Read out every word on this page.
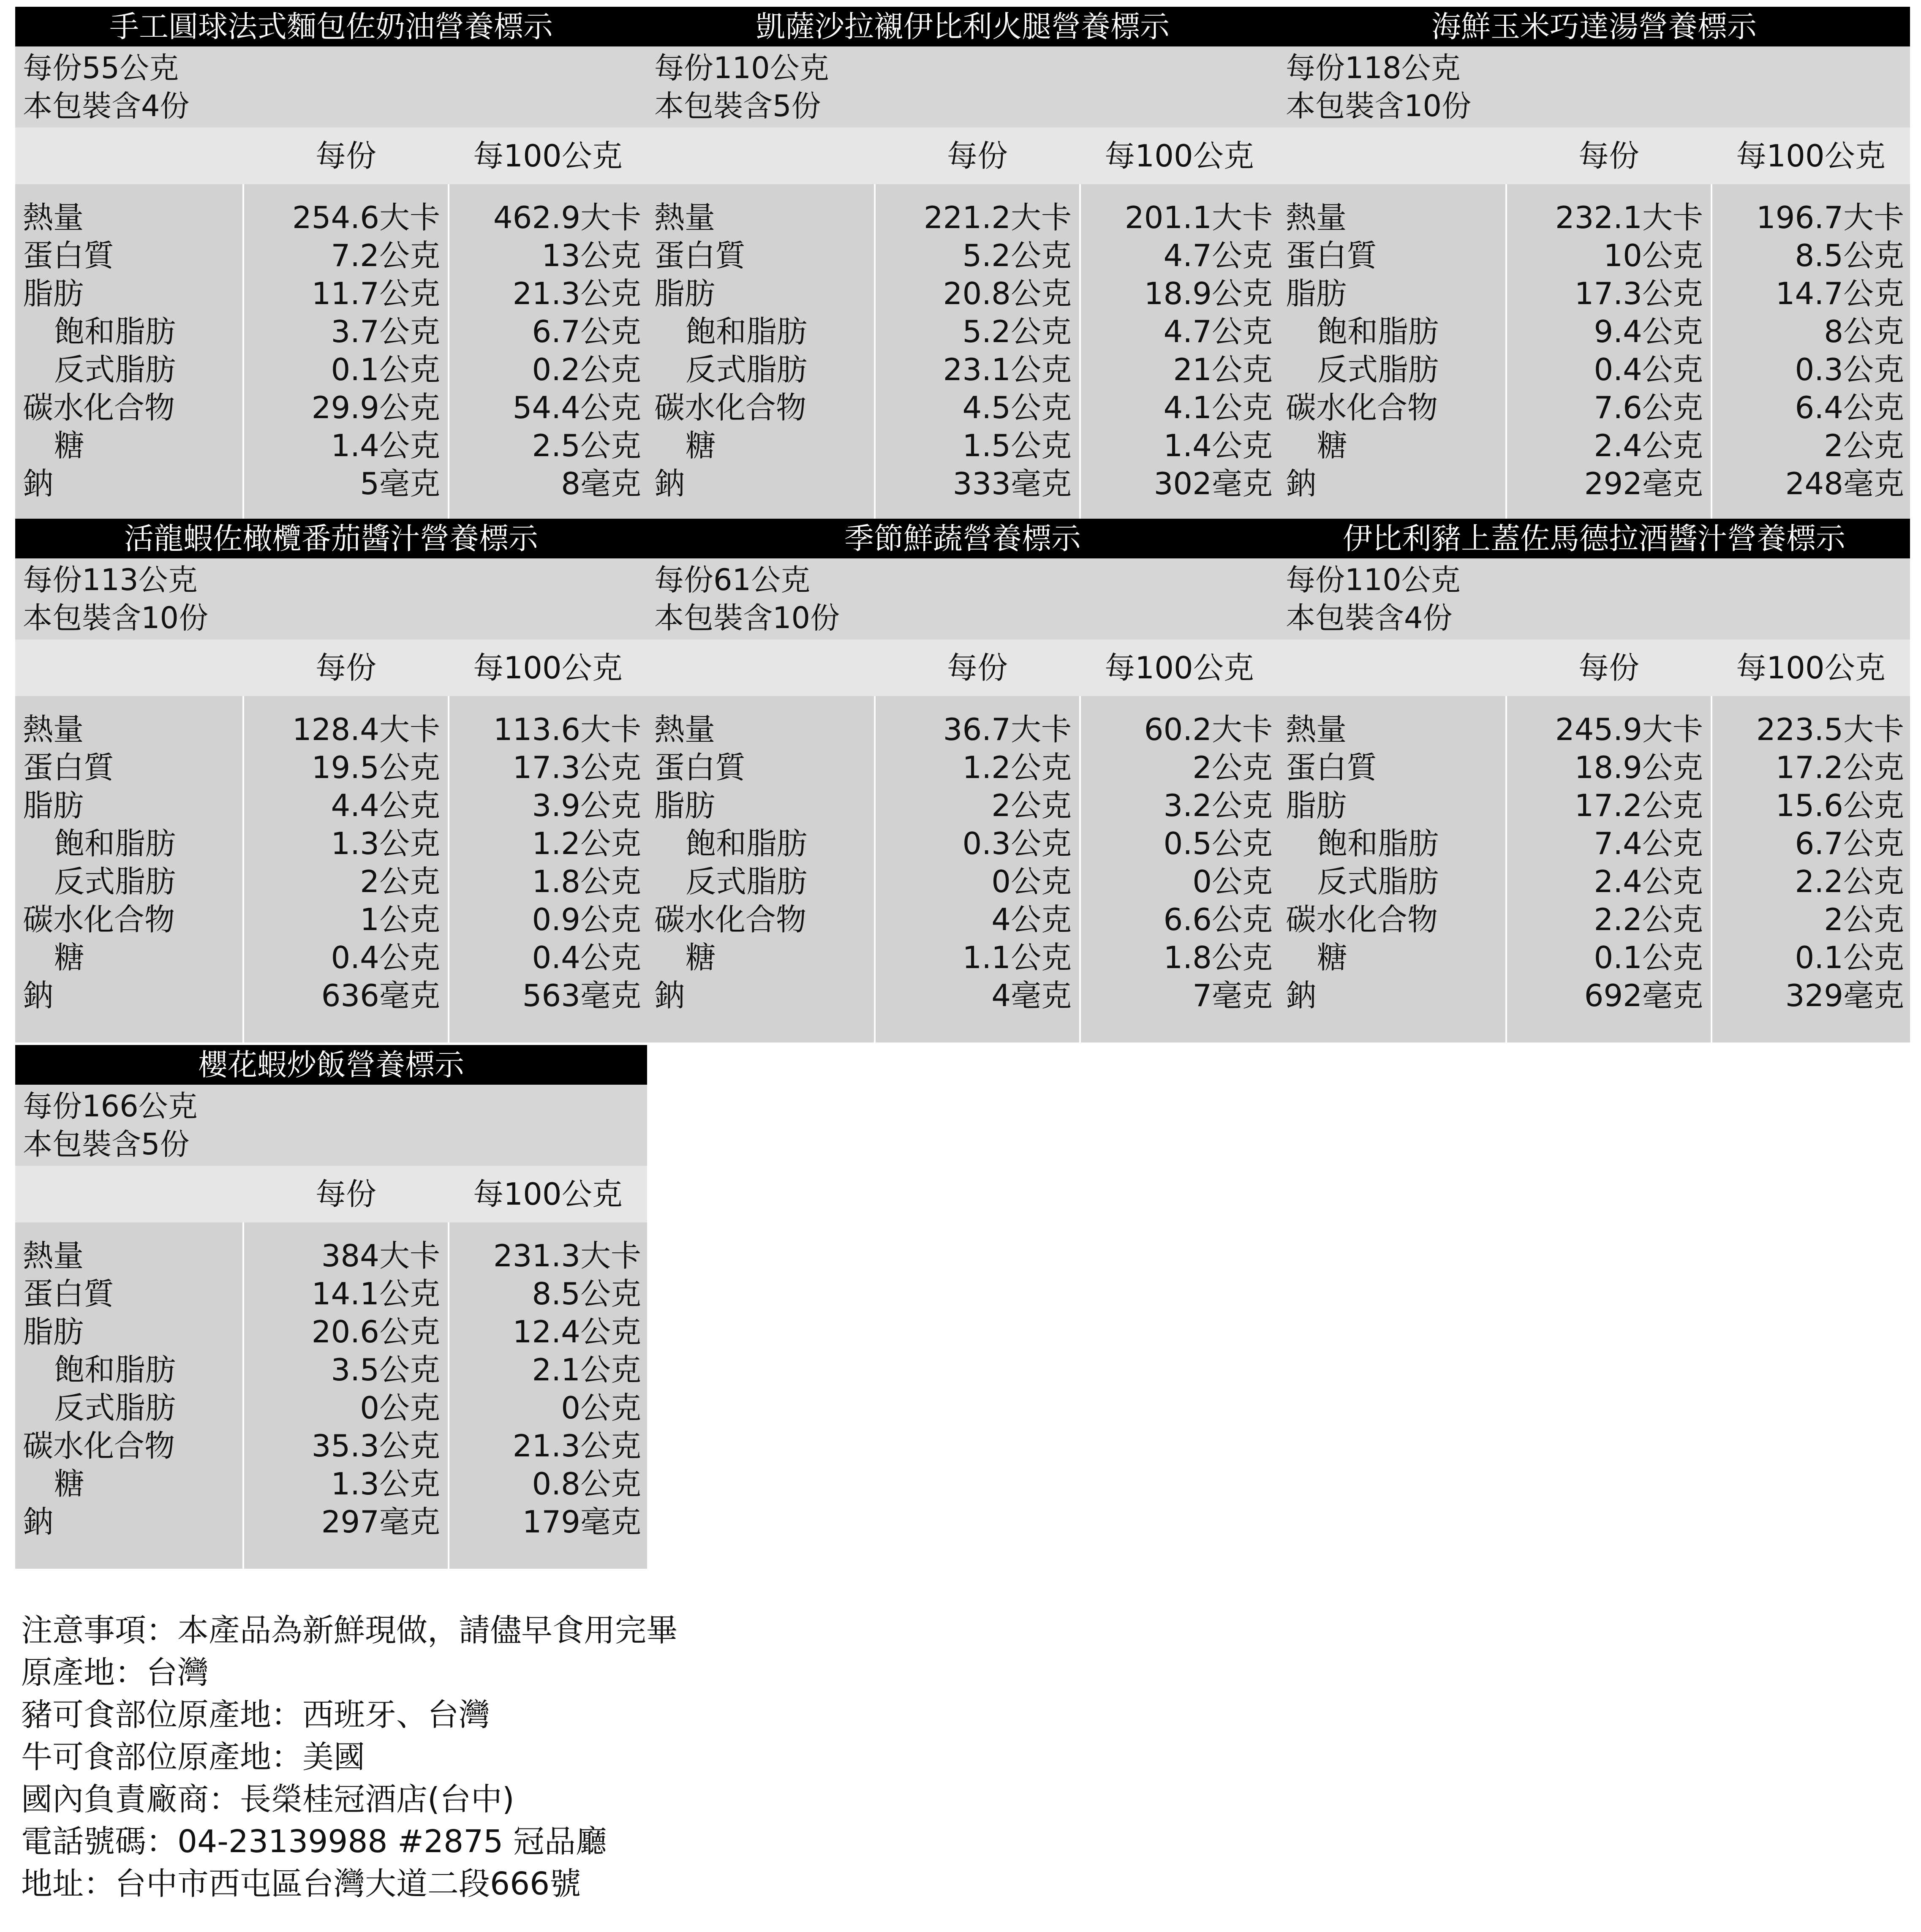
手工圓球法式麵包佐奶油營養標示
每份55公克
本包裝含4份
每份	每100公克
熱量	254.6大卡 462.9大卡
蛋白質	7.2公克	13公克
脂肪	11.7公克 21.3公克
飽和脂肪	3.7公克	6.7公克
反式脂肪	0.1公克	0.2公克
碳水化合物	29.9公克 54.4公克
糖	1.4公克	2.5公克
鈉	5毫克	8毫克
凱薩沙拉襯伊比利火腿營養標示
每份110公克
本包裝含5份
每份	每100公克
熱量	221.2大卡 201.1大卡
蛋白質	5.2公克	4.7公克
脂肪	20.8公克 18.9公克
飽和脂肪	5.2公克	4.7公克
反式脂肪	23.1公克	21公克
碳水化合物	4.5公克	4.1公克
糖	1.5公克	1.4公克
鈉	333毫克	302毫克
海鮮玉米巧達湯營養標示
每份118公克
本包裝含10份
每份	每100公克
熱量	232.1大卡 196.7大卡
蛋白質	10公克	8.5公克
脂肪	17.3公克 14.7公克
飽和脂肪	9.4公克	8公克
反式脂肪	0.4公克	0.3公克
碳水化合物	7.6公克	6.4公克
糖	2.4公克	2公克
鈉	292毫克	248毫克
活龍蝦佐橄欖番茄醬汁營養標示
每份113公克
本包裝含10份
每份	每100公克
熱量	128.4大卡 113.6大卡
蛋白質	19.5公克 17.3公克
脂肪	4.4公克	3.9公克
飽和脂肪	1.3公克	1.2公克
反式脂肪	2公克	1.8公克
碳水化合物	1公克	0.9公克
糖	0.4公克	0.4公克
鈉	636毫克	563毫克
季節鮮蔬營養標示
每份61公克
本包裝含10份
每份	每100公克
熱量	36.7大卡 60.2大卡
蛋白質	1.2公克	2公克
脂肪	2公克	3.2公克
飽和脂肪	0.3公克	0.5公克
反式脂肪	0公克	0公克
碳水化合物	4公克	6.6公克
糖	1.1公克	1.8公克
鈉	4毫克	7毫克
伊比利豬上蓋佐馬德拉酒醬汁營養標示
每份110公克
本包裝含4份
每份	每100公克
熱量	245.9大卡 223.5大卡
蛋白質	18.9公克 17.2公克
脂肪	17.2公克 15.6公克
飽和脂肪	7.4公克	6.7公克
反式脂肪	2.4公克	2.2公克
碳水化合物	2.2公克	2公克
糖	0.1公克	0.1公克
鈉	692毫克	329毫克
櫻花蝦炒飯營養標示
每份166公克
本包裝含5份
每份	每100公克
熱量	384大卡 231.3大卡
蛋白質	14.1公克	8.5公克
脂肪	20.6公克 12.4公克
飽和脂肪	3.5公克	2.1公克
反式脂肪	0公克	0公克
碳水化合物	35.3公克 21.3公克
糖	1.3公克	0.8公克
鈉	297毫克	179毫克
注意事項：本產品為新鮮現做，請儘早食用完畢
原產地：台灣
豬可食部位原產地：西班牙、台灣
牛可食部位原產地：美國
國內負責廠商：長榮桂冠酒店(台中)
電話號碼：04-23139988 #2875 冠品廳
地址：台中市西屯區台灣大道二段666號
